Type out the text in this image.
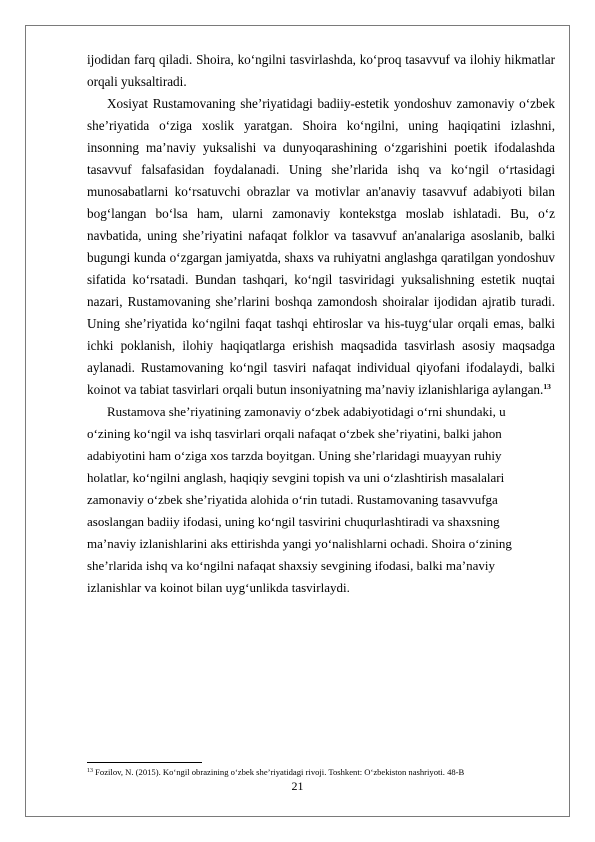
ijodidan farq qiladi. Shoira, ko‘ngilni tasvirlashda, ko‘proq tasavvuf va ilohiy hikmatlar orqali yuksaltiradi.

Xosiyat Rustamovaning she’riyatidagi badiiy-estetik yondoshuv zamonaviy o‘zbek she’riyatida o‘ziga xoslik yaratgan. Shoira ko‘ngilni, uning haqiqatini izlashni, insonning ma’naviy yuksalishi va dunyoqarashining o‘zgarishini poetik ifodalashda tasavvuf falsafasidan foydalanadi. Uning she’rlarida ishq va ko‘ngil o‘rtasidagi munosabatlarni ko‘rsatuvchi obrazlar va motivlar an'anaviy tasavvuf adabiyoti bilan bog‘langan bo‘lsa ham, ularni zamonaviy kontekstga moslab ishlatadi. Bu, o‘z navbatida, uning she’riyatini nafaqat folklor va tasavvuf an'analariga asoslanib, balki bugungi kunda o‘zgargan jamiyatda, shaxs va ruhiyatni anglashga qaratilgan yondoshuv sifatida ko‘rsatadi. Bundan tashqari, ko‘ngil tasviridagi yuksalishning estetik nuqtai nazari, Rustamovaning she’rlarini boshqa zamondosh shoiralar ijodidan ajratib turadi. Uning she’riyatida ko‘ngilni faqat tashqi ehtiroslar va his-tuyg‘ular orqali emas, balki ichki poklanish, ilohiy haqiqatlarga erishish maqsadida tasvirlash asosiy maqsadga aylanadi. Rustamovaning ko‘ngil tasviri nafaqat individual qiyofani ifodalaydi, balki koinot va tabiat tasvirlari orqali butun insoniyatning ma’naviy izlanishlariga aylangan.$^{13}$

Rustamova she’riyatining zamonaviy o‘zbek adabiyotidagi o‘rni shundaki, u
o‘zining ko‘ngil va ishq tasvirlari orqali nafaqat o‘zbek she’riyatini, balki jahon
adabiyotini ham o‘ziga xos tarzda boyitgan. Uning she’rlaridagi muayyan ruhiy
holatlar, ko‘ngilni anglash, haqiqiy sevgini topish va uni o‘zlashtirish masalalari
zamonaviy o‘zbek she’riyatida alohida o‘rin tutadi. Rustamovaning tasavvufga
asoslangan badiiy ifodasi, uning ko‘ngil tasvirini chuqurlashtiradi va shaxsning
ma’naviy izlanishlarini aks ettirishda yangi yo‘nalishlarni ochadi. Shoira o‘zining
she’rlarida ishq va ko‘ngilni nafaqat shaxsiy sevgining ifodasi, balki ma’naviy
izlanishlar va koinot bilan uyg‘unlikda tasvirlaydi.

$^{13}$ Fozilov, N. (2015). Ko‘ngil obrazining o‘zbek she’riyatidagi rivoji. Toshkent: O‘zbekiston nashriyoti. 48-B
21
